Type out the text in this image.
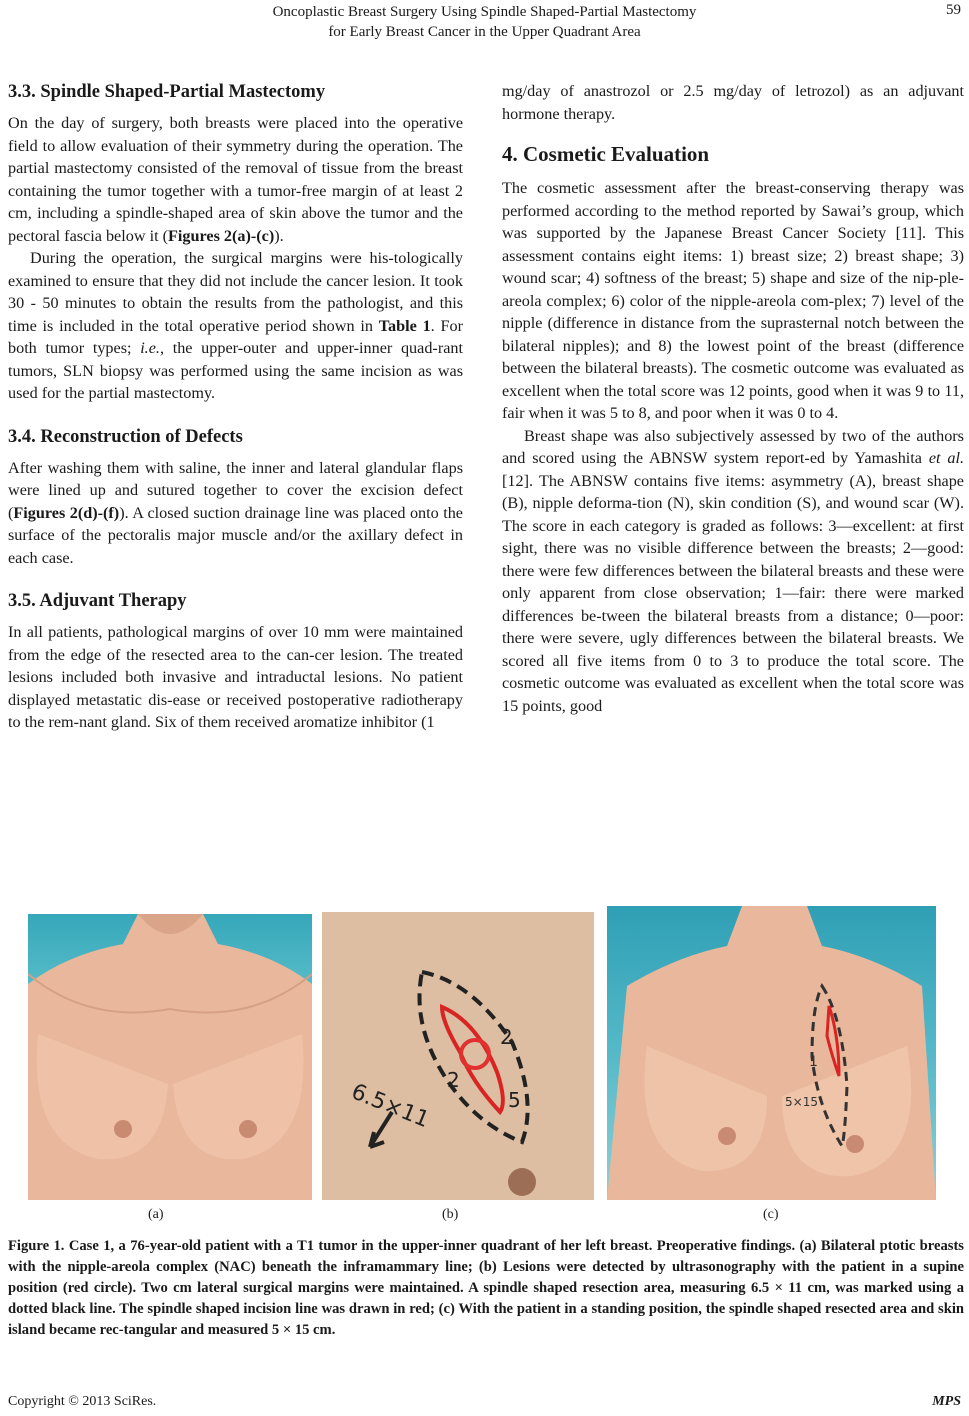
Oncoplastic Breast Surgery Using Spindle Shaped-Partial Mastectomy
for Early Breast Cancer in the Upper Quadrant Area
59
3.3. Spindle Shaped-Partial Mastectomy

On the day of surgery, both breasts were placed into the operative field to allow evaluation of their symmetry during the operation. The partial mastectomy consisted of the removal of tissue from the breast containing the tumor together with a tumor-free margin of at least 2 cm, including a spindle-shaped area of skin above the tumor and the pectoral fascia below it (Figures 2(a)-(c)).

During the operation, the surgical margins were his-tologically examined to ensure that they did not include the cancer lesion. It took 30 - 50 minutes to obtain the results from the pathologist, and this time is included in the total operative period shown in Table 1. For both tumor types; i.e., the upper-outer and upper-inner quad-rant tumors, SLN biopsy was performed using the same incision as was used for the partial mastectomy.

3.4. Reconstruction of Defects

After washing them with saline, the inner and lateral glandular flaps were lined up and sutured together to cover the excision defect (Figures 2(d)-(f)). A closed suction drainage line was placed onto the surface of the pectoralis major muscle and/or the axillary defect in each case.

3.5. Adjuvant Therapy

In all patients, pathological margins of over 10 mm were maintained from the edge of the resected area to the can-cer lesion. The treated lesions included both invasive and intraductal lesions. No patient displayed metastatic dis-ease or received postoperative radiotherapy to the rem-nant gland. Six of them received aromatize inhibitor (1

mg/day of anastrozol or 2.5 mg/day of letrozol) as an adjuvant hormone therapy.

4. Cosmetic Evaluation

The cosmetic assessment after the breast-conserving therapy was performed according to the method reported by Sawai’s group, which was supported by the Japanese Breast Cancer Society [11]. This assessment contains eight items: 1) breast size; 2) breast shape; 3) wound scar; 4) softness of the breast; 5) shape and size of the nip-ple-areola complex; 6) color of the nipple-areola com-plex; 7) level of the nipple (difference in distance from the suprasternal notch between the bilateral nipples); and 8) the lowest point of the breast (difference between the bilateral breasts). The cosmetic outcome was evaluated as excellent when the total score was 12 points, good when it was 9 to 11, fair when it was 5 to 8, and poor when it was 0 to 4.

Breast shape was also subjectively assessed by two of the authors and scored using the ABNSW system report-ed by Yamashita et al. [12]. The ABNSW contains five items: asymmetry (A), breast shape (B), nipple deforma-tion (N), skin condition (S), and wound scar (W). The score in each category is graded as follows: 3—excellent: at first sight, there was no visible difference between the breasts; 2—good: there were few differences between the bilateral breasts and these were only apparent from close observation; 1—fair: there were marked differences be-tween the bilateral breasts from a distance; 0—poor: there were severe, ugly differences between the bilateral breasts. We scored all five items from 0 to 3 to produce the total score. The cosmetic outcome was evaluated as excellent when the total score was 15 points, good

2
2
5
6.5×11
1
5×15
(a)	(b)	(c)
Figure 1. Case 1, a 76-year-old patient with a T1 tumor in the upper-inner quadrant of her left breast. Preoperative findings. (a) Bilateral ptotic breasts with the nipple-areola complex (NAC) beneath the inframammary line; (b) Lesions were detected by ultrasonography with the patient in a supine position (red circle). Two cm lateral surgical margins were maintained. A spindle shaped resection area, measuring 6.5 × 11 cm, was marked using a dotted black line. The spindle shaped incision line was drawn in red; (c) With the patient in a standing position, the spindle shaped resected area and skin island became rec-tangular and measured 5 × 15 cm.
Copyright © 2013 SciRes.	MPS
